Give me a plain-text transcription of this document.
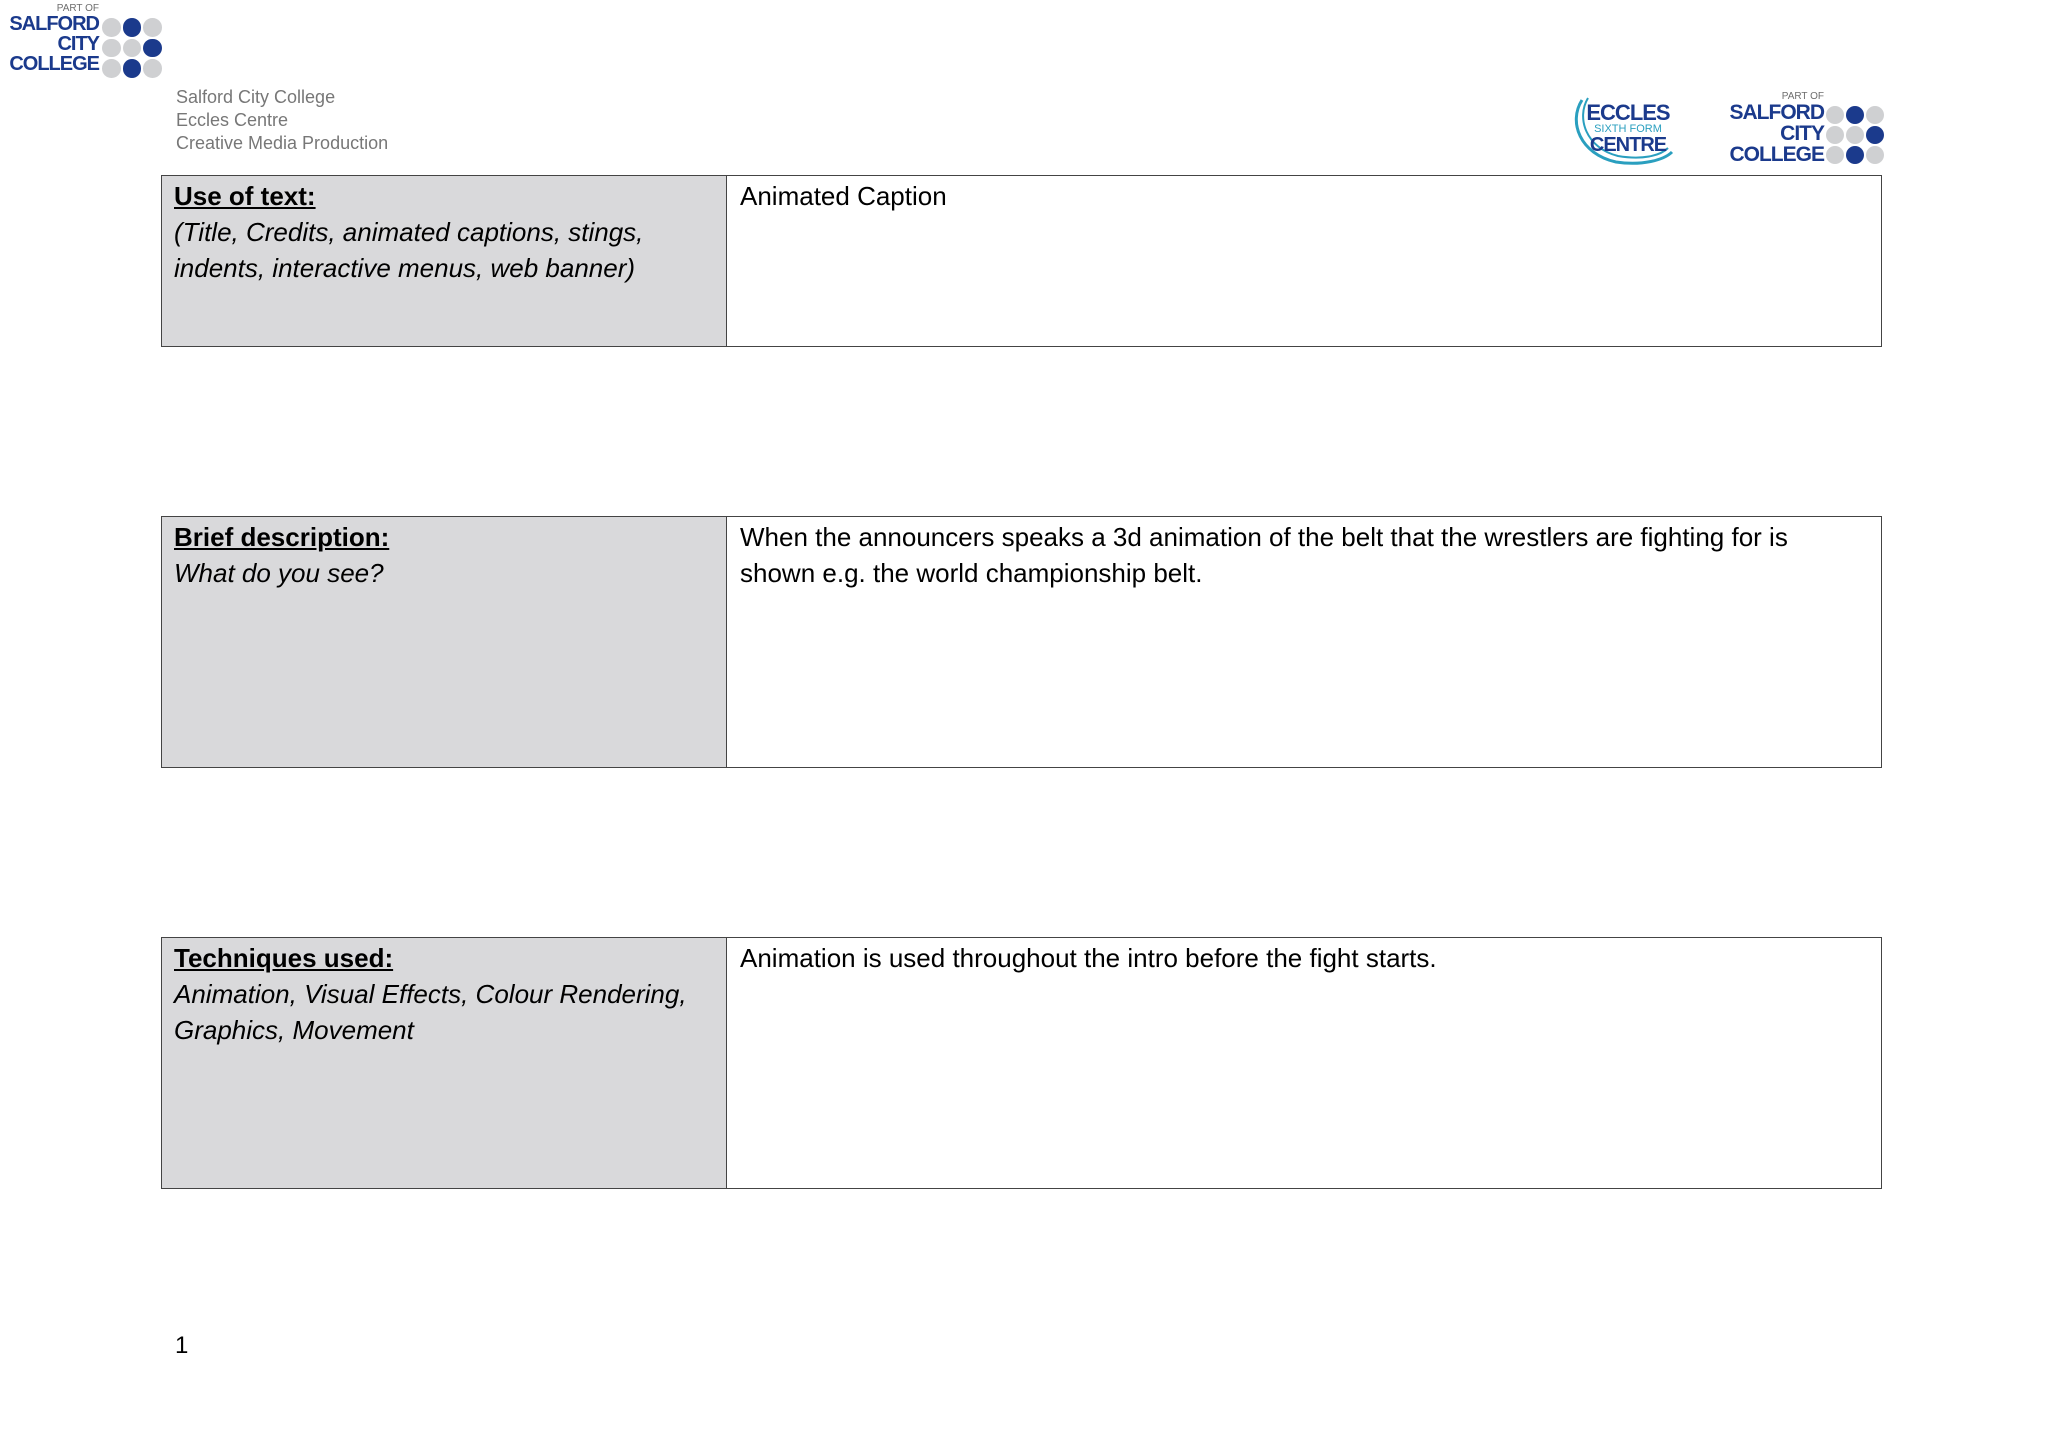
PART OF
SALFORD
CITY
COLLEGE
Salford City College
Eccles Centre
Creative Media Production
ECCLES
SIXTH FORM
CENTRE
PART OF
SALFORD
CITY
COLLEGE
Use of text:
(Title, Credits, animated captions, stings, indents, interactive menus, web banner)
Animated Caption
Brief description:
What do you see?
When the announcers speaks a 3d animation of the belt that the wrestlers are fighting for is shown e.g. the world championship belt.
Techniques used:
Animation, Visual Effects, Colour Rendering, Graphics, Movement
Animation is used throughout the intro before the fight starts.
1
